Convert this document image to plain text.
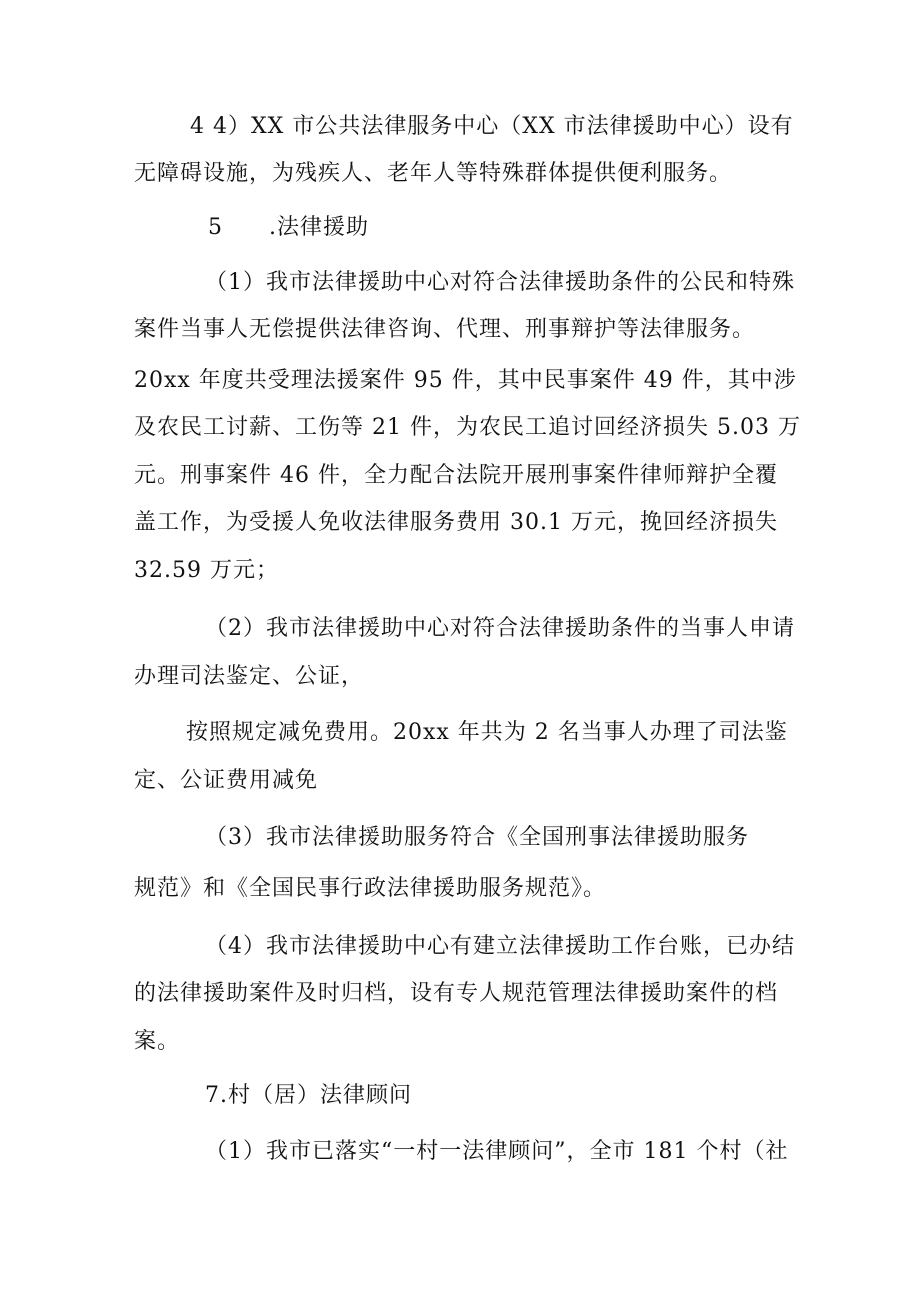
4 4）XX 市公共法律服务中心（XX 市法律援助中心）设有

无障碍设施，为残疾人、老年人等特殊群体提供便利服务。

5　　.法律援助

（1）我市法律援助中心对符合法律援助条件的公民和特殊

案件当事人无偿提供法律咨询、代理、刑事辩护等法律服务。

20xx 年度共受理法援案件 95 件，其中民事案件 49 件，其中涉

及农民工讨薪、工伤等 21 件，为农民工追讨回经济损失 5.03 万

元。刑事案件 46 件，全力配合法院开展刑事案件律师辩护全覆

盖工作，为受援人免收法律服务费用 30.1 万元，挽回经济损失

32.59 万元；

（2）我市法律援助中心对符合法律援助条件的当事人申请

办理司法鉴定、公证，

按照规定减免费用。20xx 年共为 2 名当事人办理了司法鉴

定、公证费用减免

（3）我市法律援助服务符合《全国刑事法律援助服务

规范》和《全国民事行政法律援助服务规范》。

（4）我市法律援助中心有建立法律援助工作台账，已办结

的法律援助案件及时归档，设有专人规范管理法律援助案件的档

案。

7.村（居）法律顾问

（1）我市已落实“一村一法律顾问”，全市 181 个村（社
